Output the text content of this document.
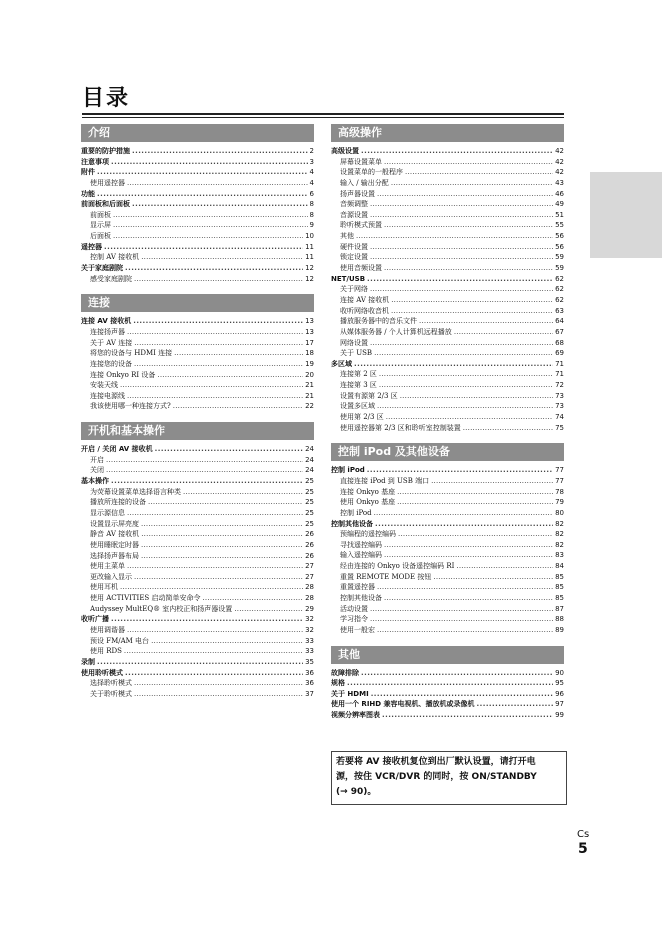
目录
介绍
重要的防护措施 . . .	2
注意事项 . . .	3
附件 . . .	4
使用遥控器 . . .	4
功能 . . .	6
前面板和后面板 . . .	8
前面板 . . .	8
显示屏 . . .	9
后面板 . . .	10
遥控器 . . .	11
控制 AV 接收机 . . .	11
关于家庭剧院 . . .	12
感受家庭剧院 . . .	12
连接
连接 AV 接收机 . . .	13
连接扬声器 . . .	13
关于 AV 连接 . . .	17
将您的设备与 HDMI 连接 . . .	18
连接您的设备 . . .	19
连接 Onkyo RI 设备 . . .	20
安装天线 . . .	21
连接电源线 . . .	21
我该使用哪一种连接方式? . . .	22
开机和基本操作
开启 / 关闭 AV 接收机 . . .	24
开启 . . .	24
关闭 . . .	24
基本操作 . . .	25
为荧幕设置菜单选择语言种类 . . .	25
播放所连接的设备 . . .	25
显示源信息 . . .	25
设置显示屏亮度 . . .	25
静音 AV 接收机 . . .	26
使用睡眠定时器 . . .	26
选择扬声器布局 . . .	26
使用主菜单 . . .	27
更改输入显示 . . .	27
使用耳机 . . .	28
使用 ACTIVITIES 启动简单安命令 . . .	28
Audyssey MultEQ® 室内校正和扬声器设置 . . .	29
收听广播 . . .	32
使用调谐器 . . .	32
预设 FM/AM 电台 . . .	33
使用 RDS . . .	33
录制 . . .	35
使用聆听模式 . . .	36
选择聆听模式 . . .	36
关于聆听模式 . . .	37
高级操作
高级设置 . . .	42
屏幕设置菜单 . . .	42
设置菜单的一般程序 . . .	42
输入 / 输出分配 . . .	43
扬声器设置 . . .	46
音频调整 . . .	49
音源设置 . . .	51
聆听模式预置 . . .	55
其他 . . .	56
硬件设置 . . .	56
锁定设置 . . .	59
使用音频设置 . . .	59
NET/USB . . .	62
关于网络 . . .	62
连接 AV 接收机 . . .	62
收听网络收音机 . . .	63
播放服务器中的音乐文件 . . .	64
从媒体服务器 / 个人计算机远程播放 . . .	67
网络设置 . . .	68
关于 USB . . .	69
多区域 . . .	71
连接第 2 区 . . .	71
连接第 3 区 . . .	72
设置有源第 2/3 区 . . .	73
设置多区域 . . .	73
使用第 2/3 区 . . .	74
使用遥控器第 2/3 区和聆听室控制装置 . . .	75
控制 iPod 及其他设备
控制 iPod . . .	77
直接连接 iPod 到 USB 端口 . . .	77
连接 Onkyo 基座 . . .	78
使用 Onkyo 基座 . . .	79
控制 iPod . . .	80
控制其他设备 . . .	82
预编程的遥控编码 . . .	82
寻找遥控编码 . . .	82
输入遥控编码 . . .	83
经由连接的 Onkyo 设备遥控编码 RI . . .	84
重置 REMOTE MODE 按钮 . . .	85
重置遥控器 . . .	85
控制其他设备 . . .	85
活动设置 . . .	87
学习指令 . . .	88
使用一般宏 . . .	89
其他
故障排除 . . .	90
规格 . . .	95
关于 HDMI . . .	96
使用一个 RIHD 兼容电视机、播放机或录像机 . . .	97
视频分辨率图表 . . .	99
若要将 AV 接收机复位到出厂默认设置，请打开电
源，按住 VCR/DVR 的同时，按 ON/STANDBY
(→ 90)。
Cs
5
